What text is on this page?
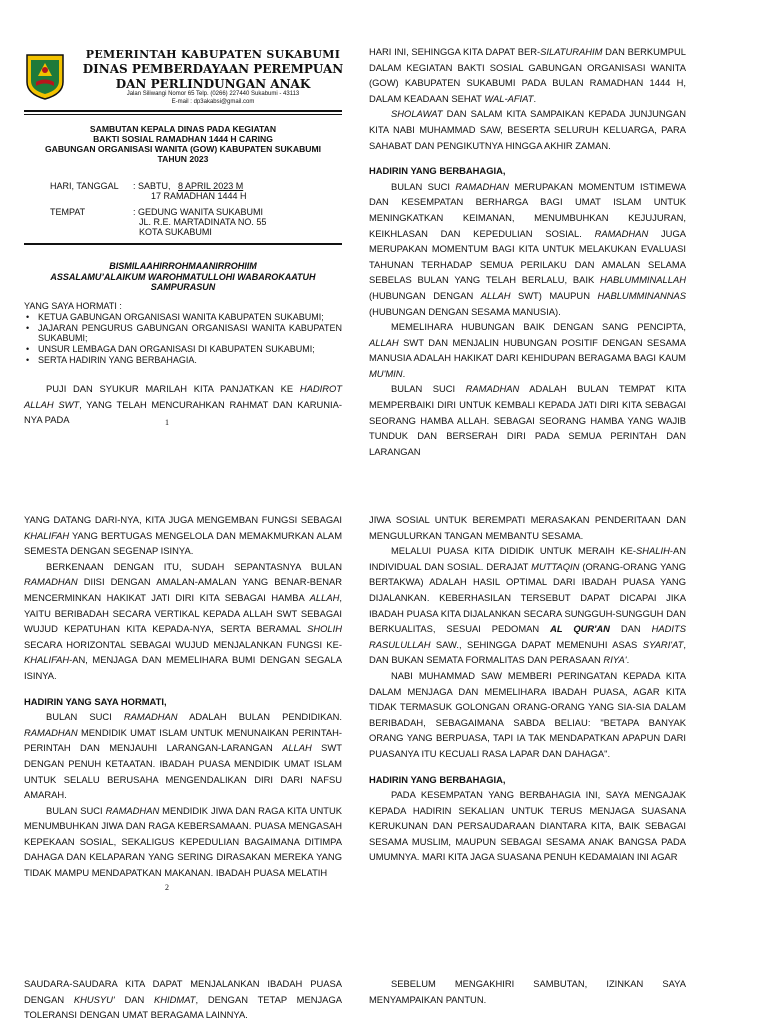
PEMERINTAH KABUPATEN SUKABUMI
DINAS PEMBERDAYAAN PEREMPUAN
DAN PERLINDUNGAN ANAK
Jalan Siliwangi Nomor 65 Telp. (0266) 227440 Sukabumi - 43113
E-mail : dp3akabsi@gmail.com
SAMBUTAN KEPALA DINAS PADA KEGIATAN
BAKTI SOSIAL RAMADHAN 1444 H CARING
GABUNGAN ORGANISASI WANITA (GOW) KABUPATEN SUKABUMI
TAHUN 2023
HARI, TANGGAL : SABTU, 8 APRIL 2023 M
17 RAMADHAN 1444 H
TEMPAT	: GEDUNG WANITA SUKABUMI
JL. R.E. MARTADINATA NO. 55
KOTA SUKABUMI
BISMILAAHIRROHMAANIRROHIIM
ASSALAMU’ALAIKUM WAROHMATULLOHI WABAROKAATUH
SAMPURASUN
YANG SAYA HORMATI :
• KETUA GABUNGAN ORGANISASI WANITA KABUPATEN SUKABUMI;
• JAJARAN PENGURUS GABUNGAN ORGANISASI WANITA KABUPATEN SUKABUMI;
• UNSUR LEMBAGA DAN ORGANISASI DI KABUPATEN SUKABUMI;
• SERTA HADIRIN YANG BERBAHAGIA.

PUJI DAN SYUKUR MARILAH KITA PANJATKAN KE HADIROT ALLAH SWT, YANG TELAH MENCURAHKAN RAHMAT DAN KARUNIA-NYA PADA	1

HARI INI, SEHINGGA KITA DAPAT BER-SILATURAHIM DAN BERKUMPUL DALAM KEGIATAN BAKTI SOSIAL GABUNGAN ORGANISASI WANITA (GOW) KABUPATEN SUKABUMI PADA BULAN RAMADHAN 1444 H, DALAM KEADAAN SEHAT WAL-AFIAT.

SHOLAWAT DAN SALAM KITA SAMPAIKAN KEPADA JUNJUNGAN KITA NABI MUHAMMAD SAW, BESERTA SELURUH KELUARGA, PARA SAHABAT DAN PENGIKUTNYA HINGGA AKHIR ZAMAN.

HADIRIN YANG BERBAHAGIA,

BULAN SUCI RAMADHAN MERUPAKAN MOMENTUM ISTIMEWA DAN KESEMPATAN BERHARGA BAGI UMAT ISLAM UNTUK MENINGKATKAN KEIMANAN, MENUMBUHKAN KEJUJURAN, KEIKHLASAN DAN KEPEDULIAN SOSIAL. RAMADHAN JUGA MERUPAKAN MOMENTUM BAGI KITA UNTUK MELAKUKAN EVALUASI TAHUNAN TERHADAP SEMUA PERILAKU DAN AMALAN SELAMA SEBELAS BULAN YANG TELAH BERLALU, BAIK HABLUMMINALLAH (HUBUNGAN DENGAN ALLAH SWT) MAUPUN HABLUMMINANNAS (HUBUNGAN DENGAN SESAMA MANUSIA).

MEMELIHARA HUBUNGAN BAIK DENGAN SANG PENCIPTA, ALLAH SWT DAN MENJALIN HUBUNGAN POSITIF DENGAN SESAMA MANUSIA ADALAH HAKIKAT DARI KEHIDUPAN BERAGAMA BAGI KAUM MU'MIN.

BULAN SUCI RAMADHAN ADALAH BULAN TEMPAT KITA MEMPERBAIKI DIRI UNTUK KEMBALI KEPADA JATI DIRI KITA SEBAGAI SEORANG HAMBA ALLAH. SEBAGAI SEORANG HAMBA YANG WAJIB TUNDUK DAN BERSERAH DIRI PADA SEMUA PERINTAH DAN LARANGAN

YANG DATANG DARI-NYA, KITA JUGA MENGEMBAN FUNGSI SEBAGAI KHALIFAH YANG BERTUGAS MENGELOLA DAN MEMAKMURKAN ALAM SEMESTA DENGAN SEGENAP ISINYA.

BERKENAAN DENGAN ITU, SUDAH SEPANTASNYA BULAN RAMADHAN DIISI DENGAN AMALAN-AMALAN YANG BENAR-BENAR MENCERMINKAN HAKIKAT JATI DIRI KITA SEBAGAI HAMBA ALLAH, YAITU BERIBADAH SECARA VERTIKAL KEPADA ALLAH SWT SEBAGAI WUJUD KEPATUHAN KITA KEPADA-NYA, SERTA BERAMAL SHOLIH SECARA HORIZONTAL SEBAGAI WUJUD MENJALANKAN FUNGSI KE-KHALIFAH-AN, MENJAGA DAN MEMELIHARA BUMI DENGAN SEGALA ISINYA.

HADIRIN YANG SAYA HORMATI,

BULAN SUCI RAMADHAN ADALAH BULAN PENDIDIKAN. RAMADHAN MENDIDIK UMAT ISLAM UNTUK MENUNAIKAN PERINTAH-PERINTAH DAN MENJAUHI LARANGAN-LARANGAN ALLAH SWT DENGAN PENUH KETAATAN. IBADAH PUASA MENDIDIK UMAT ISLAM UNTUK SELALU BERUSAHA MENGENDALIKAN DIRI DARI NAFSU AMARAH.

BULAN SUCI RAMADHAN MENDIDIK JIWA DAN RAGA KITA UNTUK MENUMBUHKAN JIWA DAN RAGA KEBERSAMAAN. PUASA MENGASAH KEPEKAAN SOSIAL, SEKALIGUS KEPEDULIAN BAGAIMANA DITIMPA DAHAGA DAN KELAPARAN YANG SERING DIRASAKAN MEREKA YANG TIDAK MAMPU MENDAPATKAN MAKANAN. IBADAH PUASA MELATIH

2

JIWA SOSIAL UNTUK BEREMPATI MERASAKAN PENDERITAAN DAN MENGULURKAN TANGAN MEMBANTU SESAMA.

MELALUI PUASA KITA DIDIDIK UNTUK MERAIH KE-SHALIH-AN INDIVIDUAL DAN SOSIAL. DERAJAT MUTTAQIN (ORANG-ORANG YANG BERTAKWA) ADALAH HASIL OPTIMAL DARI IBADAH PUASA YANG DIJALANKAN. KEBERHASILAN TERSEBUT DAPAT DICAPAI JIKA IBADAH PUASA KITA DIJALANKAN SECARA SUNGGUH-SUNGGUH DAN BERKUALITAS, SESUAI PEDOMAN AL QUR'AN DAN HADITS RASULULLAH SAW., SEHINGGA DAPAT MEMENUHI ASAS SYARI'AT, DAN BUKAN SEMATA FORMALITAS DAN PERASAAN RIYA'.

NABI MUHAMMAD SAW MEMBERI PERINGATAN KEPADA KITA DALAM MENJAGA DAN MEMELIHARA IBADAH PUASA, AGAR KITA TIDAK TERMASUK GOLONGAN ORANG-ORANG YANG SIA-SIA DALAM BERIBADAH, SEBAGAIMANA SABDA BELIAU: "BETAPA BANYAK ORANG YANG BERPUASA, TAPI IA TAK MENDAPATKAN APAPUN DARI PUASANYA ITU KECUALI RASA LAPAR DAN DAHAGA".

HADIRIN YANG BERBAHAGIA,

PADA KESEMPATAN YANG BERBAHAGIA INI, SAYA MENGAJAK KEPADA HADIRIN SEKALIAN UNTUK TERUS MENJAGA SUASANA KERUKUNAN DAN PERSAUDARAAN DIANTARA KITA, BAIK SEBAGAI SESAMA MUSLIM, MAUPUN SEBAGAI SESAMA ANAK BANGSA PADA UMUMNYA. MARI KITA JAGA SUASANA PENUH KEDAMAIAN INI AGAR

SAUDARA-SAUDARA KITA DAPAT MENJALANKAN IBADAH PUASA DENGAN KHUSYU' DAN KHIDMAT, DENGAN TETAP MENJAGA TOLERANSI DENGAN UMAT BERAGAMA LAINNYA.

SEBELUM MENGAKHIRI SAMBUTAN, IZINKAN SAYA MENYAMPAIKAN PANTUN.
